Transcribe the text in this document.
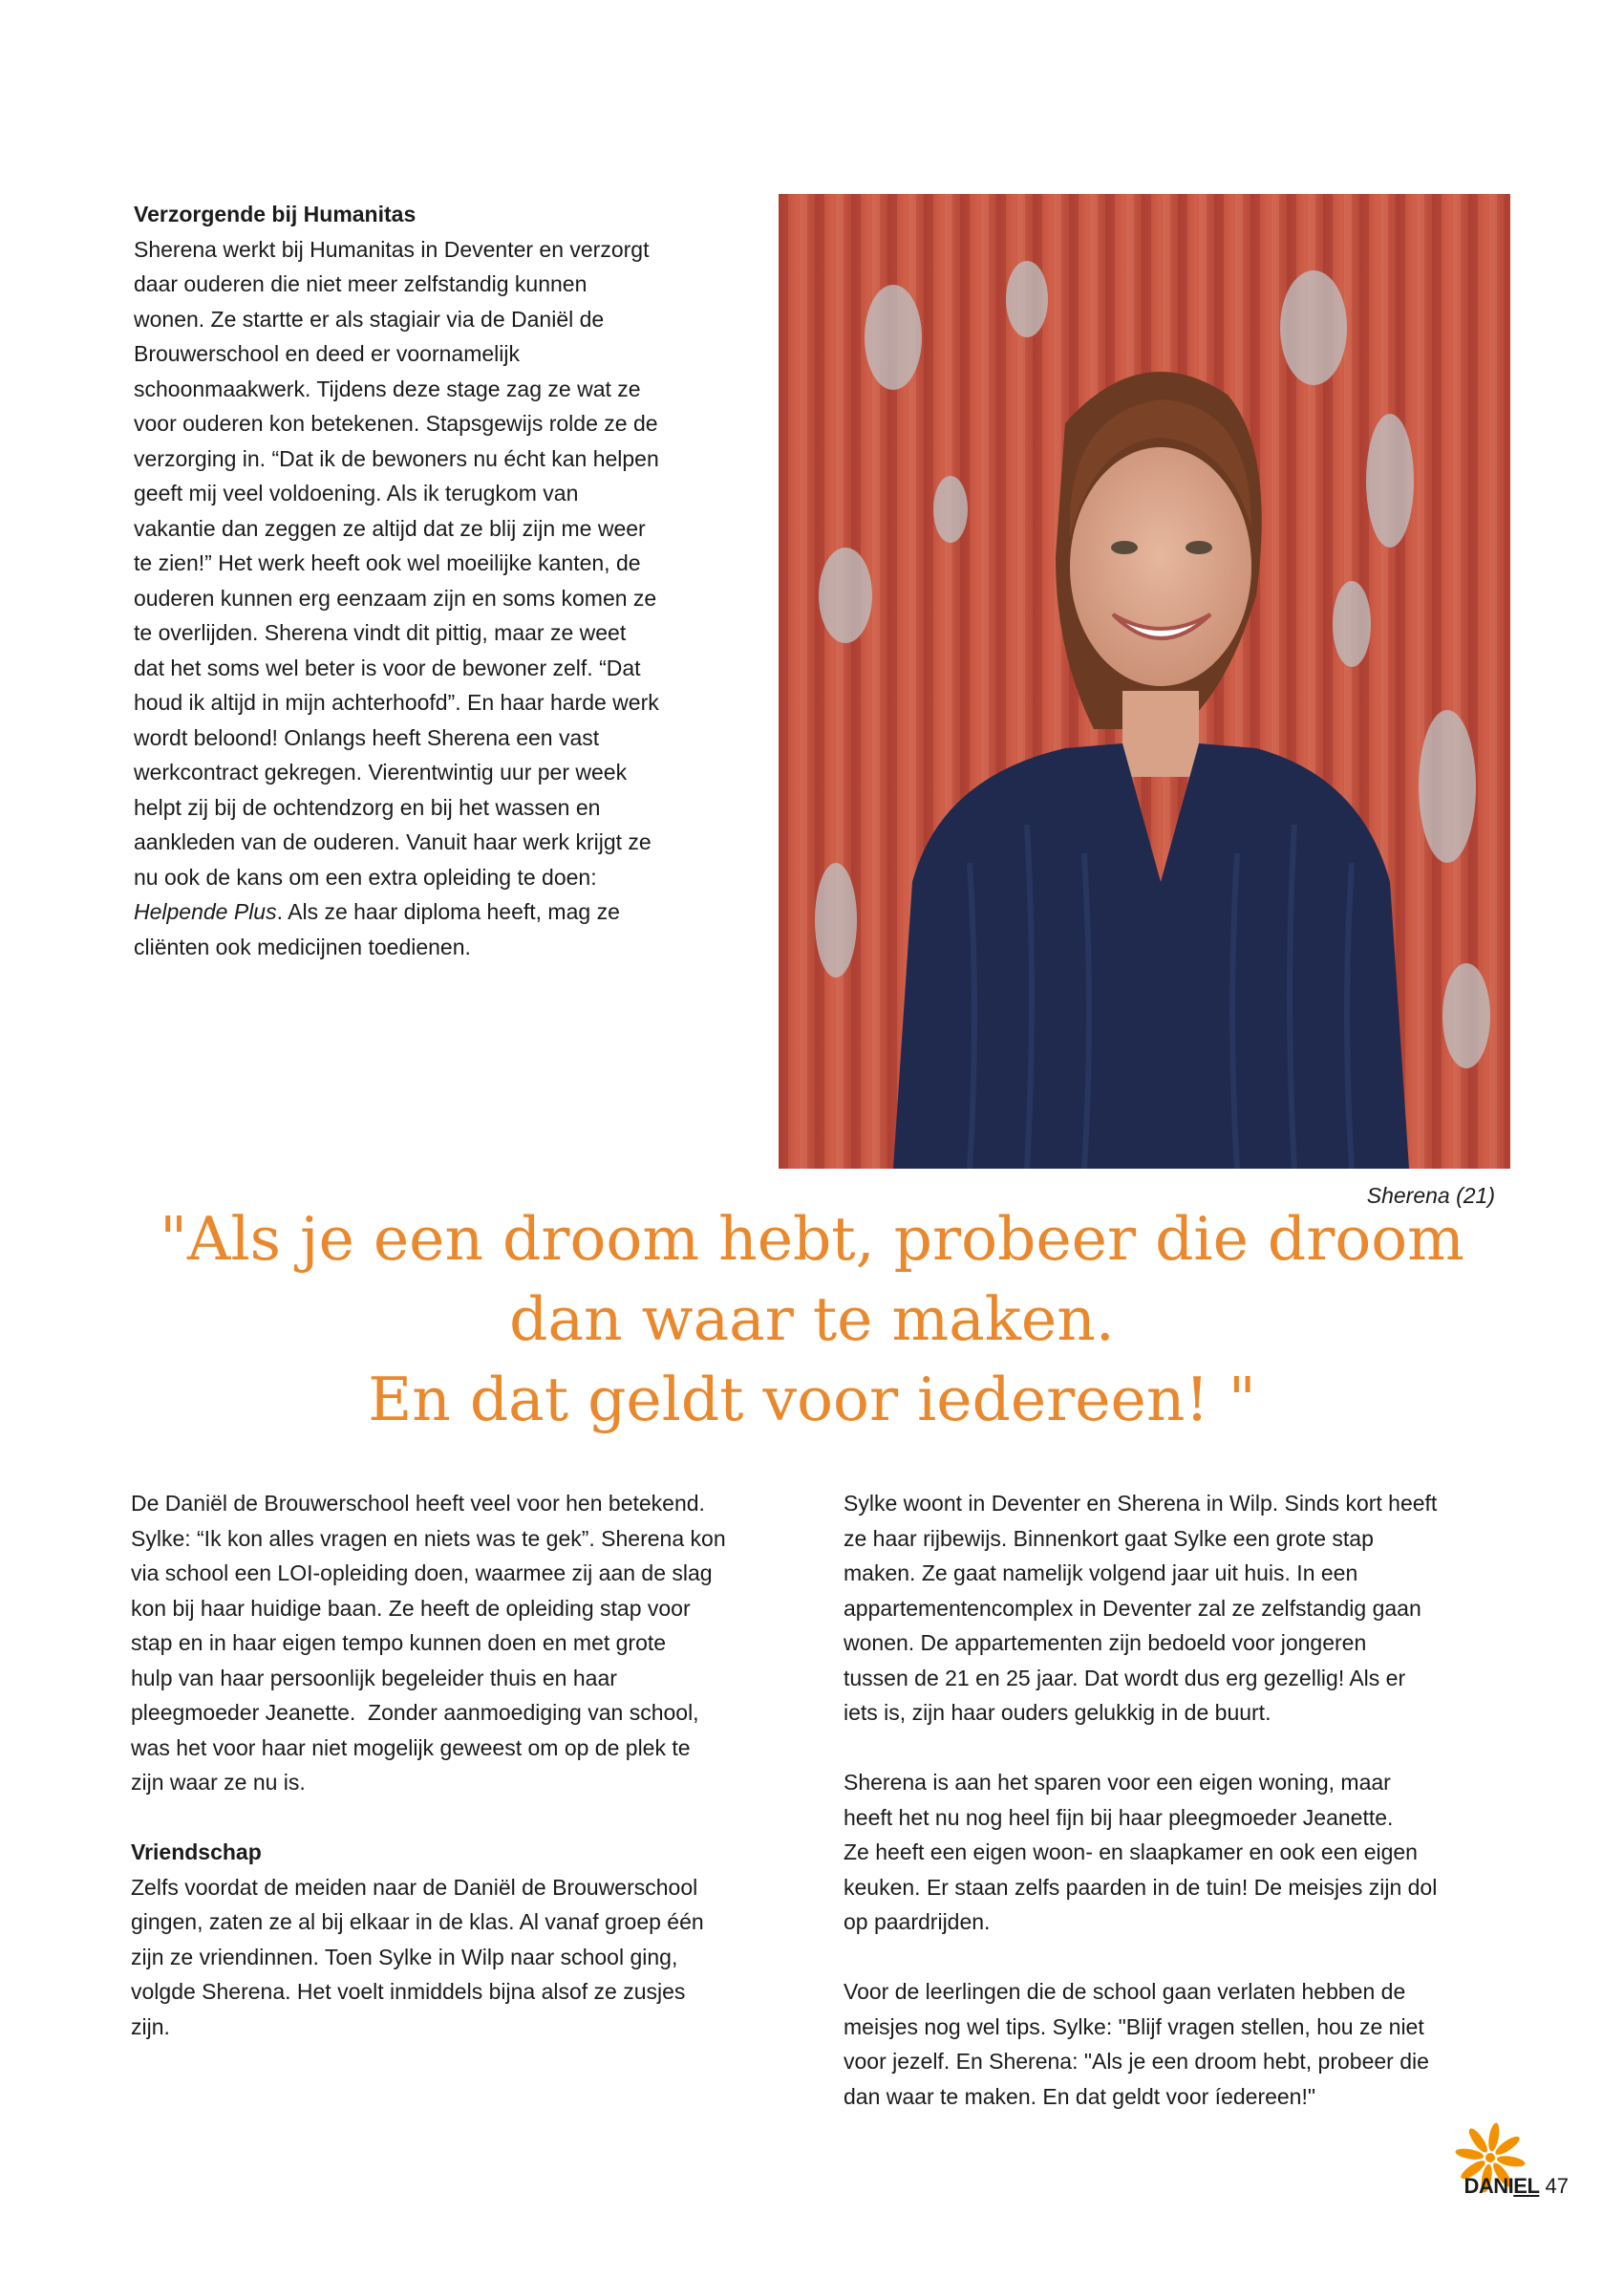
Verzorgende bij Humanitas
Sherena werkt bij Humanitas in Deventer en verzorgt
daar ouderen die niet meer zelfstandig kunnen
wonen. Ze startte er als stagiair via de Daniël de
Brouwerschool en deed er voornamelijk
schoonmaakwerk. Tijdens deze stage zag ze wat ze
voor ouderen kon betekenen. Stapsgewijs rolde ze de
verzorging in. “Dat ik de bewoners nu écht kan helpen
geeft mij veel voldoening. Als ik terugkom van
vakantie dan zeggen ze altijd dat ze blij zijn me weer
te zien!” Het werk heeft ook wel moeilijke kanten, de
ouderen kunnen erg eenzaam zijn en soms komen ze
te overlijden. Sherena vindt dit pittig, maar ze weet
dat het soms wel beter is voor de bewoner zelf. “Dat
houd ik altijd in mijn achterhoofd”. En haar harde werk
wordt beloond! Onlangs heeft Sherena een vast
werkcontract gekregen. Vierentwintig uur per week
helpt zij bij de ochtendzorg en bij het wassen en
aankleden van de ouderen. Vanuit haar werk krijgt ze
nu ook de kans om een extra opleiding te doen:
Helpende Plus. Als ze haar diploma heeft, mag ze
cliënten ook medicijnen toedienen.
Sherena (21)
"Als je een droom hebt, probeer die droom
dan waar te maken.
En dat geldt voor iedereen! "

De Daniël de Brouwerschool heeft veel voor hen betekend.
Sylke: “Ik kon alles vragen en niets was te gek”. Sherena kon
via school een LOI-opleiding doen, waarmee zij aan de slag
kon bij haar huidige baan. Ze heeft de opleiding stap voor
stap en in haar eigen tempo kunnen doen en met grote
hulp van haar persoonlijk begeleider thuis en haar
pleegmoeder Jeanette.  Zonder aanmoediging van school,
was het voor haar niet mogelijk geweest om op de plek te
zijn waar ze nu is.

Vriendschap

Zelfs voordat de meiden naar de Daniël de Brouwerschool
gingen, zaten ze al bij elkaar in de klas. Al vanaf groep één
zijn ze vriendinnen. Toen Sylke in Wilp naar school ging,
volgde Sherena. Het voelt inmiddels bijna alsof ze zusjes
zijn.

Sylke woont in Deventer en Sherena in Wilp. Sinds kort heeft
ze haar rijbewijs. Binnenkort gaat Sylke een grote stap
maken. Ze gaat namelijk volgend jaar uit huis. In een
appartementencomplex in Deventer zal ze zelfstandig gaan
wonen. De appartementen zijn bedoeld voor jongeren
tussen de 21 en 25 jaar. Dat wordt dus erg gezellig! Als er
iets is, zijn haar ouders gelukkig in de buurt.

Sherena is aan het sparen voor een eigen woning, maar
heeft het nu nog heel fijn bij haar pleegmoeder Jeanette.
Ze heeft een eigen woon- en slaapkamer en ook een eigen
keuken. Er staan zelfs paarden in de tuin! De meisjes zijn dol
op paardrijden.

Voor de leerlingen die de school gaan verlaten hebben de
meisjes nog wel tips. Sylke: "Blijf vragen stellen, hou ze niet
voor jezelf. En Sherena: "Als je een droom hebt, probeer die
dan waar te maken. En dat geldt voor íedereen!"

DANIEL 47
